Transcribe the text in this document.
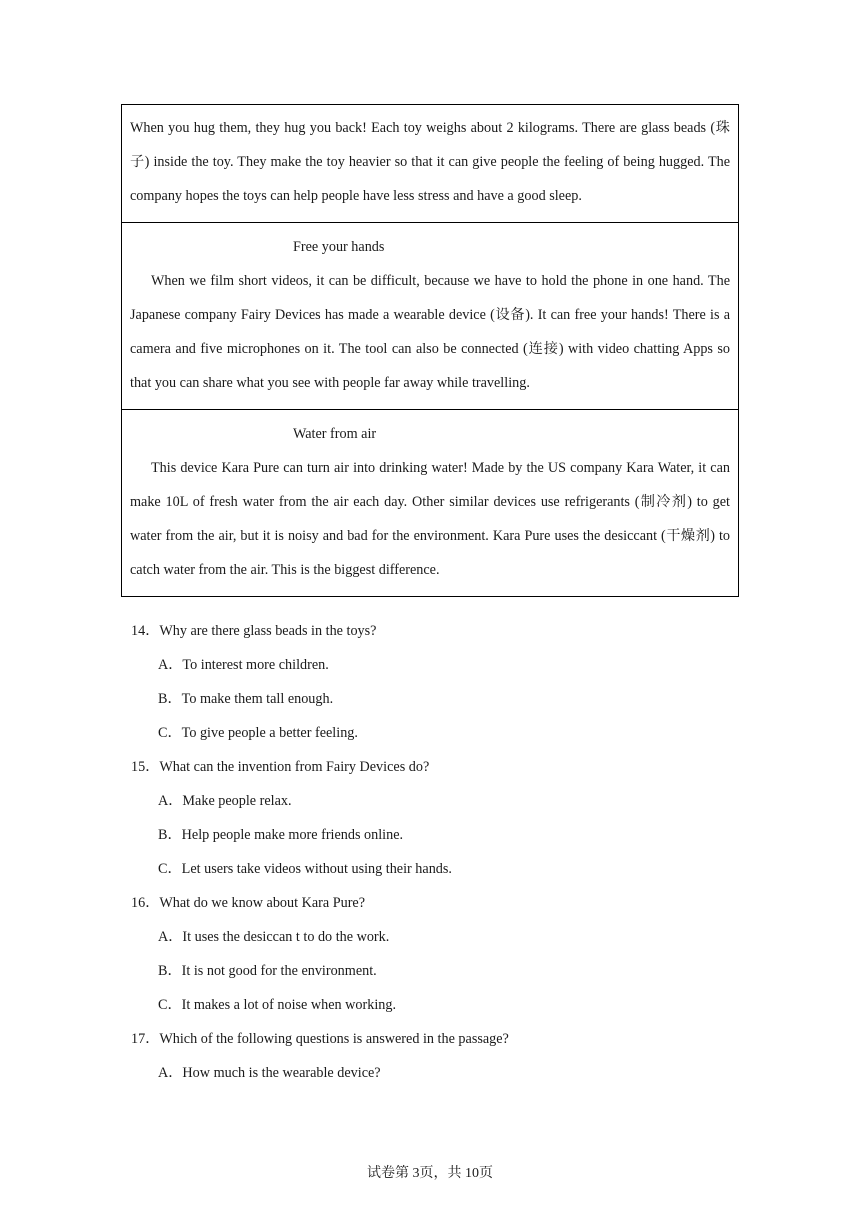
When you hug them, they hug you back! Each toy weighs about 2 kilograms. There are glass beads (珠子) inside the toy. They make the toy heavier so that it can give people the feeling of being hugged. The company hopes the toys can help people have less stress and have a good sleep.

Free your hands

When we film short videos, it can be difficult, because we have to hold the phone in one hand. The Japanese company Fairy Devices has made a wearable device (设备). It can free your hands! There is a camera and five microphones on it. The tool can also be connected (连接) with video chatting Apps so that you can share what you see with people far away while travelling.

Water from air

This device Kara Pure can turn air into drinking water! Made by the US company Kara Water, it can make 10L of fresh water from the air each day. Other similar devices use refrigerants (制冷剂) to get water from the air, but it is noisy and bad for the environment. Kara Pure uses the desiccant (干燥剂) to catch water from the air. This is the biggest difference.

14．Why are there glass beads in the toys?

A．To interest more children.

B．To make them tall enough.

C．To give people a better feeling.

15．What can the invention from Fairy Devices do?

A．Make people relax.

B．Help people make more friends online.

C．Let users take videos without using their hands.

16．What do we know about Kara Pure?

A．It uses the desiccan t to do the work.

B．It is not good for the environment.

C．It makes a lot of noise when working.

17．Which of the following questions is answered in the passage?

A．How much is the wearable device?

试卷第 3页，共 10页
